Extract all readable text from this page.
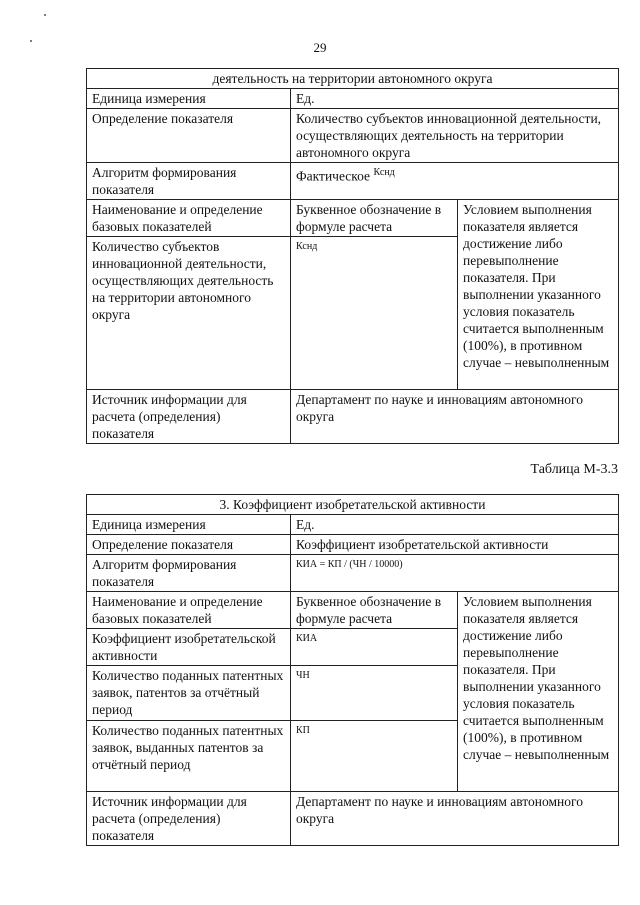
29
деятельность на территории автономного округа		
Единица измерения	Ед.	
Определение показателя	Количество субъектов инновационной деятельности, осуществляющих деятельность на территории автономного округа	
Алгоритм формирования показателя	Фактическое $^{Кснд}$
Наименование и определение базовых показателей	Буквенное обозначение в формуле расчета	Условием выполнения показателя является достижение либо перевыполнение показателя. При выполнении указанного условия показатель считается выполненным (100%), в противном случае – невыполненным
Количество субъектов инновационной деятельности, осуществляющих деятельность на территории автономного округа	Кснд	
Источник информации для расчета (определения) показателя	Департамент по науке и инновациям автономного округа	
Таблица М-3.3
3. Коэффициент изобретательской активности		
Единица измерения	Ед.	
Определение показателя	Коэффициент изобретательской активности	
Алгоритм формирования показателя	КИА = КП / (ЧН / 10000)	
Наименование и определение базовых показателей	Буквенное обозначение в формуле расчета	Условием выполнения показателя является достижение либо перевыполнение показателя. При выполнении указанного условия показатель считается выполненным (100%), в противном случае – невыполненным
Коэффициент изобретательской активности	КИА	
Количество поданных патентных заявок, патентов за отчётный период	ЧН	
Количество поданных патентных заявок, выданных патентов за отчётный период	КП	
Источник информации для расчета (определения) показателя	Департамент по науке и инновациям автономного округа	
